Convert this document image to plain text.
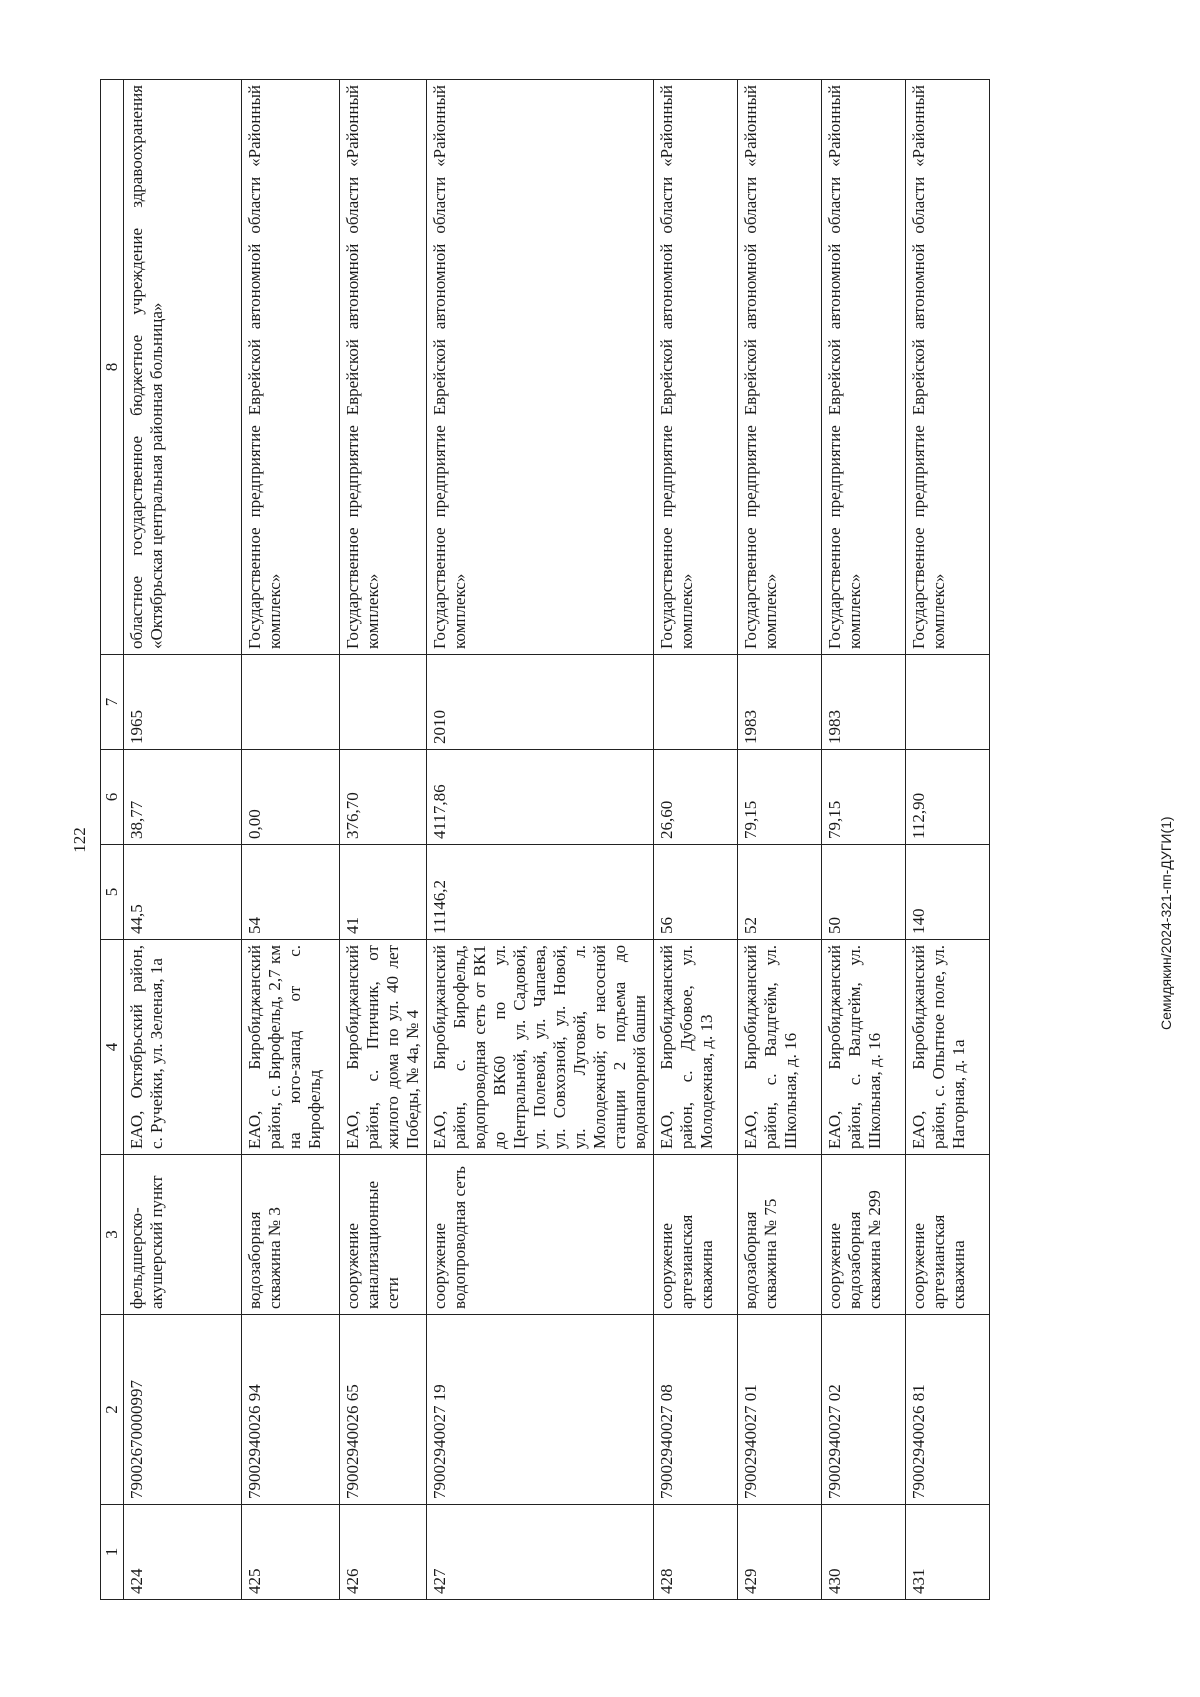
122
1	2	3	4	5	6	7	8
424	79002670000997	фельдшерско-акушерский пункт	ЕАО, Октябрьский район, с. Ручейки, ул. Зеленая, 1а	44,5	38,77	1965	областное государственное бюджетное учреждение здравоохранения «Октябрьская центральная районная больница»
425	79002940026 94	водозаборная скважина № 3	ЕАО, Биробиджанский район, с. Бирофельд, 2,7 км на юго-запад от с. Бирофельд	54	0,00		Государственное предприятие Еврейской автономной области «Районный комплекс»
426	79002940026 65	сооружение канализационные сети	ЕАО, Биробиджанский район, с. Птичник, от жилого дома по ул. 40 лет Победы, № 4а, № 4	41	376,70		Государственное предприятие Еврейской автономной области «Районный комплекс»
427	79002940027 19	сооружение водопроводная сеть	ЕАО, Биробиджанский район, с. Бирофельд, водопроводная сеть от ВК1 до ВК60 по ул. Центральной, ул. Садовой, ул. Полевой, ул. Чапаева, ул. Совхозной, ул. Новой, ул. Луговой, л. Молодежной; от насосной станции 2 подъема до водонапорной башни	11146,2	4117,86	2010	Государственное предприятие Еврейской автономной области «Районный комплекс»
428	79002940027 08	сооружение артезианская скважина	ЕАО, Биробиджанский район, с. Дубовое, ул. Молодежная, д. 13	56	26,60		Государственное предприятие Еврейской автономной области «Районный комплекс»
429	79002940027 01	водозаборная скважина № 75	ЕАО, Биробиджанский район, с. Валдгейм, ул. Школьная, д. 16	52	79,15	1983	Государственное предприятие Еврейской автономной области «Районный комплекс»
430	79002940027 02	сооружение водозаборная скважина № 299	ЕАО, Биробиджанский район, с. Валдгейм, ул. Школьная, д. 16	50	79,15	1983	Государственное предприятие Еврейской автономной области «Районный комплекс»
431	79002940026 81	сооружение артезианская скважина	ЕАО, Биробиджанский район, с. Опытное поле, ул. Нагорная, д. 1а	140	112,90		Государственное предприятие Еврейской автономной области «Районный комплекс»
Семидякин/2024-321-пп-ДУГИ(1)
